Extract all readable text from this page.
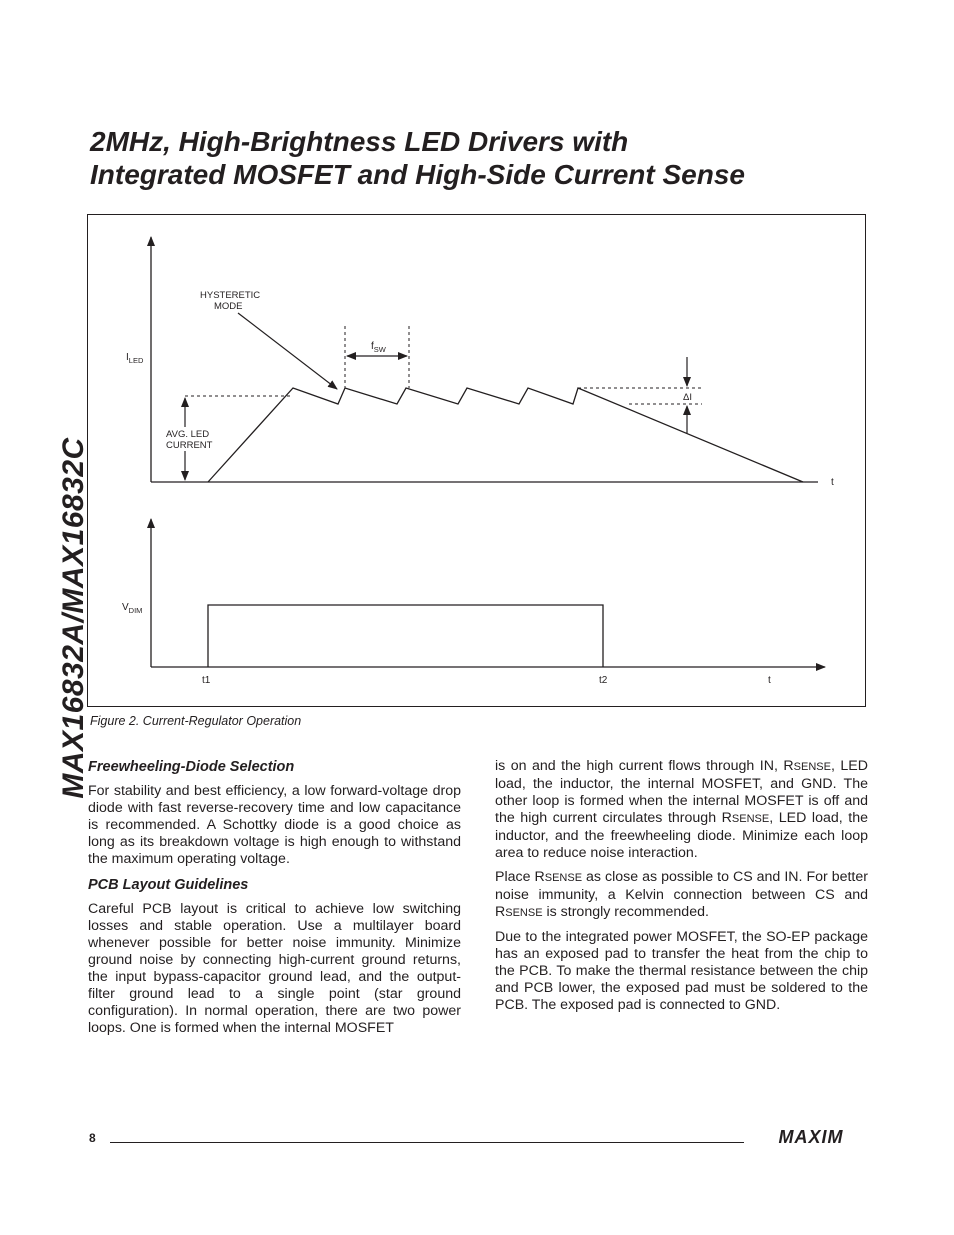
MAX16832A/MAX16832C
2MHz, High-Brightness LED Drivers with
Integrated MOSFET and High-Side Current Sense
AVG. LED
CURRENT
$I_{LED}$
HYSTERETIC
MODE
$f_{SW}$
ΔI
t
$V_{DIM}$
t1	t2	t
Figure 2. Current-Regulator Operation

Freewheeling-Diode Selection

For stability and best efficiency, a low forward-voltage drop diode with fast reverse-recovery time and low capacitance is recommended. A Schottky diode is a good choice as long as its breakdown voltage is high enough to withstand the maximum operating voltage.

PCB Layout Guidelines

Careful PCB layout is critical to achieve low switching losses and stable operation. Use a multilayer board whenever possible for better noise immunity. Minimize ground noise by connecting high-current ground returns, the input bypass-capacitor ground lead, and the output-filter ground lead to a single point (star ground configuration). In normal operation, there are two power loops. One is formed when the internal MOSFET

is on and the high current flows through IN, RSENSE, LED load, the inductor, the internal MOSFET, and GND. The other loop is formed when the internal MOSFET is off and the high current circulates through RSENSE, LED load, the inductor, and the freewheeling diode. Minimize each loop area to reduce noise interaction.

Place RSENSE as close as possible to CS and IN. For better noise immunity, a Kelvin connection between CS and RSENSE is strongly recommended.

Due to the integrated power MOSFET, the SO-EP package has an exposed pad to transfer the heat from the chip to the PCB. To make the thermal resistance between the chip and PCB lower, the exposed pad must be soldered to the PCB. The exposed pad is connected to GND.

8	MAXIM
